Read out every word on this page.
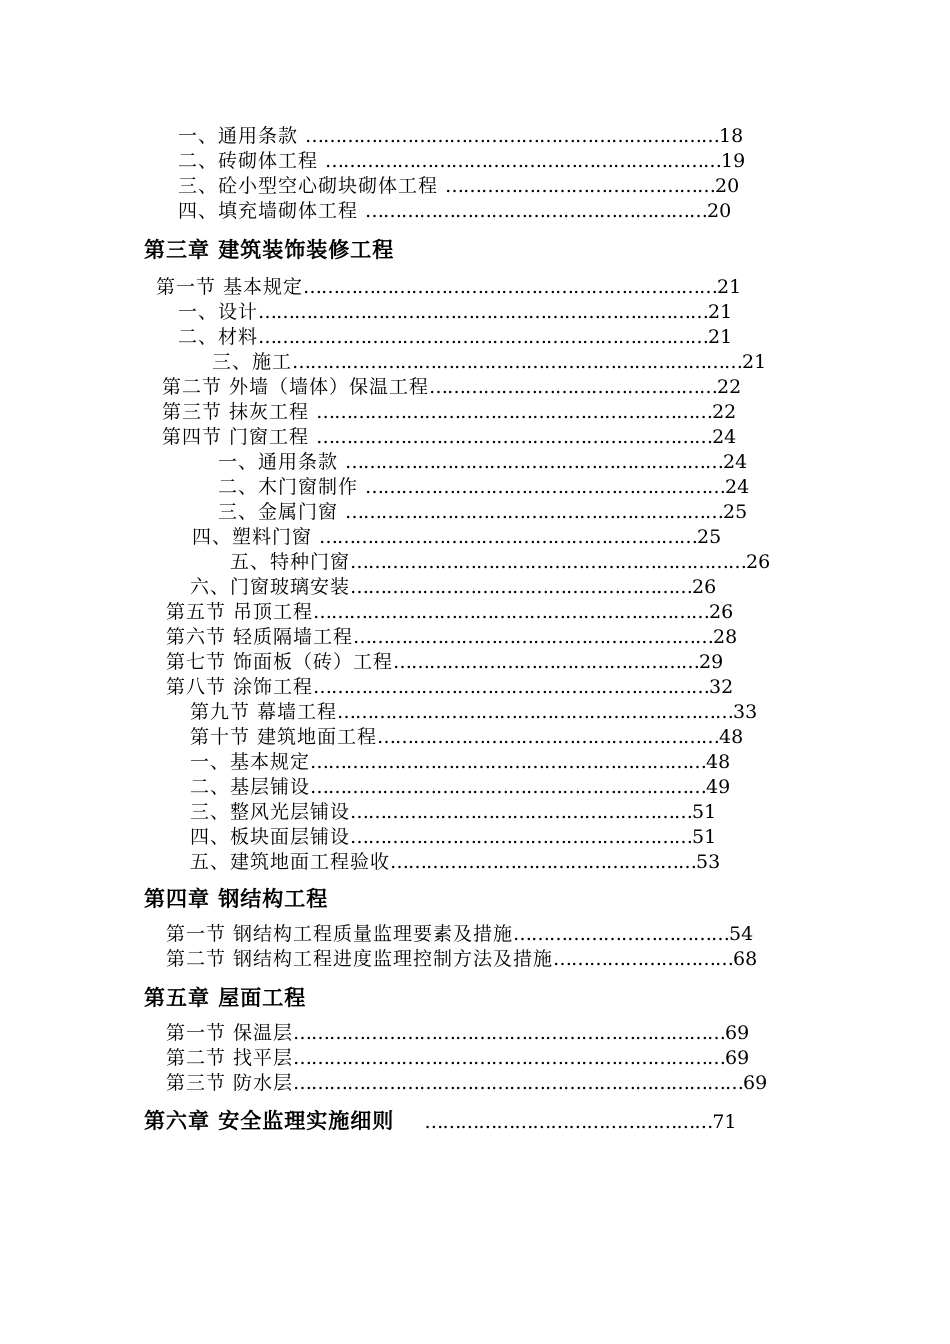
一、通用条款 ……………………………………………………………18
二、砖砌体工程 …………………………………………………………19
三、砼小型空心砌块砌体工程 ………………………………………20
四、填充墙砌体工程 …………………………………………………20
第三章 建筑装饰装修工程
第一节 基本规定……………………………………………………………21
一、设计…………………………………………………………………21
二、材料…………………………………………………………………21
三、施工…………………………………………………………………21
第二节 外墙（墙体）保温工程…………………………………………22
第三节 抹灰工程 …………………………………………………………22
第四节 门窗工程 …………………………………………………………24
一、通用条款 ………………………………………………………24
二、木门窗制作 ……………………………………………………24
三、金属门窗 ………………………………………………………25
四、塑料门窗 ………………………………………………………25
五、特种门窗…………………………………………………………26
六、门窗玻璃安装…………………………………………………26
第五节 吊顶工程…………………………………………………………26
第六节 轻质隔墙工程……………………………………………………28
第七节 饰面板（砖）工程……………………………………………29
第八节 涂饰工程…………………………………………………………32
第九节 幕墙工程…………………………………………………………33
第十节 建筑地面工程…………………………………………………48
一、基本规定…………………………………………………………48
二、基层铺设…………………………………………………………49
三、整风光层铺设…………………………………………………51
四、板块面层铺设…………………………………………………51
五、建筑地面工程验收……………………………………………53
第四章 钢结构工程
第一节 钢结构工程质量监理要素及措施………………………………54
第二节 钢结构工程进度监理控制方法及措施…………………………68
第五章 屋面工程
第一节 保温层………………………………………………………………69
第二节 找平层………………………………………………………………69
第三节 防水层…………………………………………………………………69
第六章 安全监理实施细则 …………………………………………71
